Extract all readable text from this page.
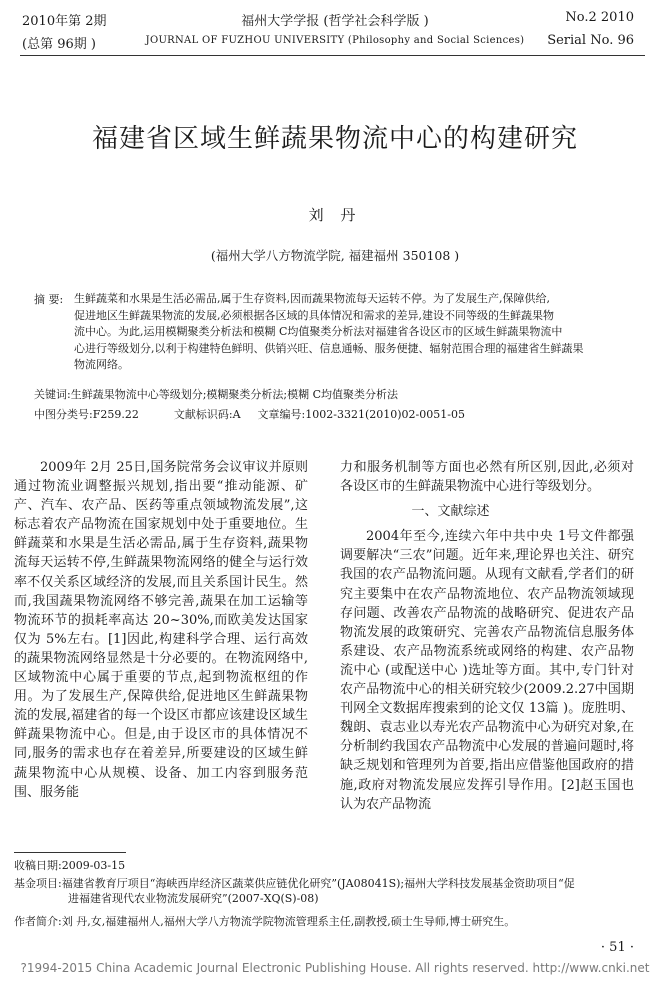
2010年第 2期
(总第 96期 )
福州大学学报 (哲学社会科学版 )
JOURNAL OF FUZHOU UNIVERSITY (Philosophy and Social Sciences)
No.2 2010
Serial No. 96
福建省区域生鲜蔬果物流中心的构建研究
刘 丹
(福州大学八方物流学院, 福建福州 350108 )
摘 要: 生鲜蔬菜和水果是生活必需品,属于生存资料,因而蔬果物流每天运转不停。为了发展生产,保障供给,

促进地区生鲜蔬果物流的发展,必须根据各区域的具体情况和需求的差异,建设不同等级的生鲜蔬果物

流中心。为此,运用模糊聚类分析法和模糊 C均值聚类分析法对福建省各设区市的区域生鲜蔬果物流中

心进行等级划分,以利于构建特色鲜明、供销兴旺、信息通畅、服务便捷、辐射范围合理的福建省生鲜蔬果

物流网络。

关键词:生鲜蔬果物流中心等级划分;模糊聚类分析法;模糊 C均值聚类分析法
中图分类号:F259.22	文献标识码:A 文章编号:1002-3321(2010)02-0051-05

2009年 2月 25日,国务院常务会议审议并原则通过物流业调整振兴规划,指出要“推动能源、矿产、汽车、农产品、医药等重点领域物流发展”,这标志着农产品物流在国家规划中处于重要地位。生鲜蔬菜和水果是生活必需品,属于生存资料,蔬果物流每天运转不停,生鲜蔬果物流网络的健全与运行效率不仅关系区域经济的发展,而且关系国计民生。然而,我国蔬果物流网络不够完善,蔬果在加工运输等物流环节的损耗率高达 20~30%,而欧美发达国家仅为 5%左右。[1]因此,构建科学合理、运行高效的蔬果物流网络显然是十分必要的。在物流网络中,区域物流中心属于重要的节点,起到物流枢纽的作用。为了发展生产,保障供给,促进地区生鲜蔬果物流的发展,福建省的每一个设区市都应该建设区域生鲜蔬果物流中心。但是,由于设区市的具体情况不同,服务的需求也存在着差异,所要建设的区域生鲜蔬果物流中心从规模、设备、加工内容到服务范围、服务能

力和服务机制等方面也必然有所区别,因此,必须对各设区市的生鲜蔬果物流中心进行等级划分。

一、文献综述

2004年至今,连续六年中共中央 1号文件都强调要解决“三农”问题。近年来,理论界也关注、研究我国的农产品物流问题。从现有文献看,学者们的研究主要集中在农产品物流地位、农产品物流领域现存问题、改善农产品物流的战略研究、促进农产品物流发展的政策研究、完善农产品物流信息服务体系建设、农产品物流系统或网络的构建、农产品物流中心 (或配送中心 )选址等方面。其中,专门针对农产品物流中心的相关研究较少(2009.2.27中国期刊网全文数据库搜索到的论文仅 13篇 )。庞胜明、魏朗、袁志业以寿光农产品物流中心为研究对象,在分析制约我国农产品物流中心发展的普遍问题时,将缺乏规划和管理列为首要,指出应借鉴他国政府的措施,政府对物流发展应发挥引导作用。[2]赵玉国也认为农产品物流

收稿日期:2009-03-15
基金项目:福建省教育厅项目“海峡西岸经济区蔬菜供应链优化研究”(JA08041S);福州大学科技发展基金资助项目“促
进福建省现代农业物流发展研究”(2007-XQ(S)-08)
作者简介:刘 丹,女,福建福州人,福州大学八方物流学院物流管理系主任,副教授,硕士生导师,博士研究生。
· 51 ·
?1994-2015 China Academic Journal Electronic Publishing House. All rights reserved. http://www.cnki.net
